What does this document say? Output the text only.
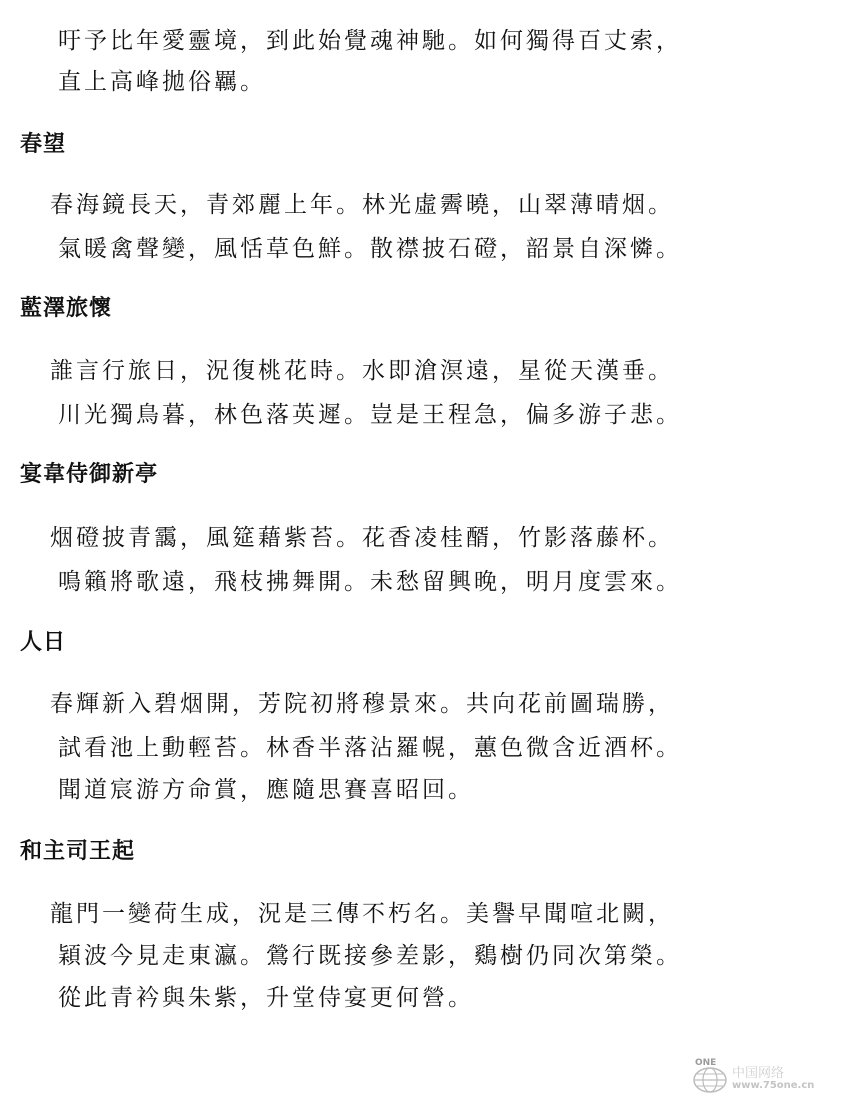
吁予比年愛靈境，到此始覺魂神馳。如何獨得百丈索，
直上高峰拋俗羈。
春望
春海鏡長天，青郊麗上年。林光虛霽曉，山翠薄晴烟。
氣暖禽聲變，風恬草色鮮。散襟披石磴，韶景自深憐。
藍澤旅懷
誰言行旅日，況復桃花時。水即滄溟遠，星從天漢垂。
川光獨鳥暮，林色落英遲。豈是王程急，偏多游子悲。
宴韋侍御新亭
烟磴披青靄，風筵藉紫苔。花香凌桂醑，竹影落藤杯。
鳴籟將歌遠，飛枝拂舞開。未愁留興晚，明月度雲來。
人日
春輝新入碧烟開，芳院初將穆景來。共向花前圖瑞勝，
試看池上動輕苔。林香半落沾羅幌，蕙色微含近酒杯。
聞道宸游方命賞，應隨思賽喜昭回。
和主司王起
龍門一變荷生成，況是三傳不朽名。美譽早聞喧北闕，
穎波今見走東瀛。鶯行既接參差影，鷄樹仍同次第榮。
從此青衿與朱紫，升堂侍宴更何營。
ONE
中国网络
www.75one.cn
